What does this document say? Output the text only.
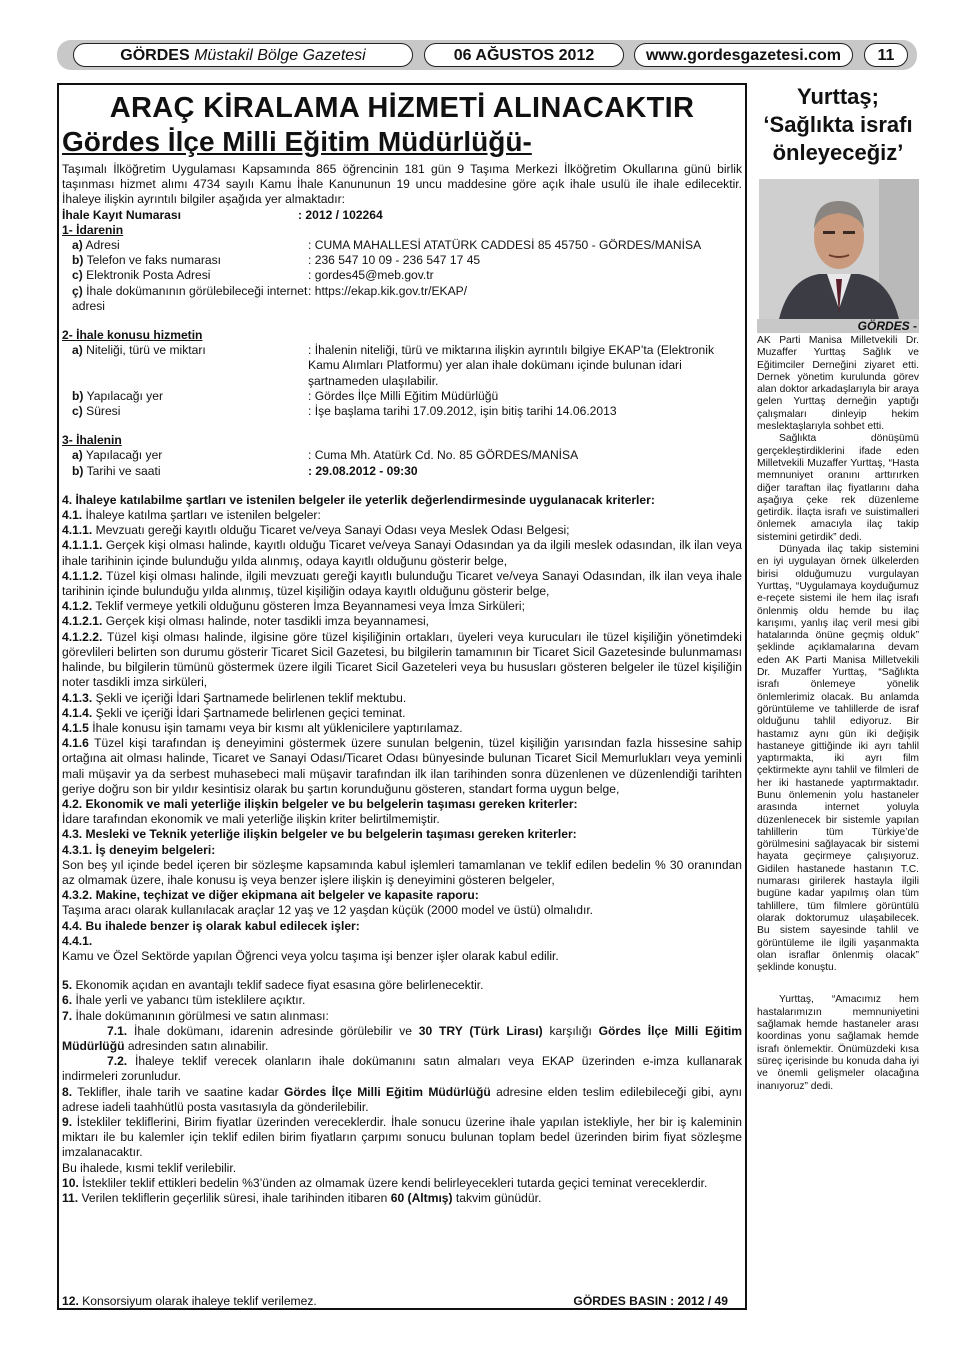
GÖRDES Müstakil Bölge Gazetesi	06 AĞUSTOS 2012	www.gordesgazetesi.com	11
ARAÇ KİRALAMA HİZMETİ ALINACAKTIR
Gördes İlçe Milli Eğitim Müdürlüğü-
Taşımalı İlköğretim Uygulaması Kapsamında 865 öğrencinin 181 gün 9 Taşıma Merkezi İlköğretim Okullarına günü birlik taşınması hizmet alımı 4734 sayılı Kamu İhale Kanununun 19 uncu maddesine göre açık ihale usulü ile ihale edilecektir. İhaleye ilişkin ayrıntılı bilgiler aşağıda yer almaktadır:
İhale Kayıt Numarası	: 2012 / 102264
1- İdarenin
a) Adresi	: CUMA MAHALLESİ ATATÜRK CADDESİ 85 45750 - GÖRDES/MANİSA
b) Telefon ve faks numarası	: 236 547 10 09 - 236 547 17 45
c) Elektronik Posta Adresi	: gordes45@meb.gov.tr
ç) İhale dokümanının görülebileceği internet adresi
: https://ekap.kik.gov.tr/EKAP/
2- İhale konusu hizmetin
a) Niteliği, türü ve miktarı	: İhalenin niteliği, türü ve miktarına ilişkin ayrıntılı bilgiye EKAP’ta (Elektronik Kamu Alımları Platformu) yer alan ihale dokümanı içinde bulunan idari şartnameden ulaşılabilir.
b) Yapılacağı yer	: Gördes İlçe Milli Eğitim Müdürlüğü
c) Süresi	: İşe başlama tarihi 17.09.2012, işin bitiş tarihi 14.06.2013
3- İhalenin
a) Yapılacağı yer	: Cuma Mh. Atatürk Cd. No. 85 GÖRDES/MANİSA
b) Tarihi ve saati	: 29.08.2012 - 09:30
4. İhaleye katılabilme şartları ve istenilen belgeler ile yeterlik değerlendirmesinde uygulanacak kriterler:
4.1. İhaleye katılma şartları ve istenilen belgeler:
4.1.1. Mevzuatı gereği kayıtlı olduğu Ticaret ve/veya Sanayi Odası veya Meslek Odası Belgesi;
4.1.1.1. Gerçek kişi olması halinde, kayıtlı olduğu Ticaret ve/veya Sanayi Odasından ya da ilgili meslek odasından, ilk ilan veya ihale tarihinin içinde bulunduğu yılda alınmış, odaya kayıtlı olduğunu gösterir belge,
4.1.1.2. Tüzel kişi olması halinde, ilgili mevzuatı gereği kayıtlı bulunduğu Ticaret ve/veya Sanayi Odasından, ilk ilan veya ihale tarihinin içinde bulunduğu yılda alınmış, tüzel kişiliğin odaya kayıtlı olduğunu gösterir belge,
4.1.2. Teklif vermeye yetkili olduğunu gösteren İmza Beyannamesi veya İmza Sirküleri;
4.1.2.1. Gerçek kişi olması halinde, noter tasdikli imza beyannamesi,
4.1.2.2. Tüzel kişi olması halinde, ilgisine göre tüzel kişiliğinin ortakları, üyeleri veya kurucuları ile tüzel kişiliğin yönetimdeki görevlileri belirten son durumu gösterir Ticaret Sicil Gazetesi, bu bilgilerin tamamının bir Ticaret Sicil Gazetesinde bulunmaması halinde, bu bilgilerin tümünü göstermek üzere ilgili Ticaret Sicil Gazeteleri veya bu hususları gösteren belgeler ile tüzel kişiliğin noter tasdikli imza sirküleri,
4.1.3. Şekli ve içeriği İdari Şartnamede belirlenen teklif mektubu.
4.1.4. Şekli ve içeriği İdari Şartnamede belirlenen geçici teminat.
4.1.5 İhale konusu işin tamamı veya bir kısmı alt yüklenicilere yaptırılamaz.
4.1.6 Tüzel kişi tarafından iş deneyimini göstermek üzere sunulan belgenin, tüzel kişiliğin yarısından fazla hissesine sahip ortağına ait olması halinde, Ticaret ve Sanayi Odası/Ticaret Odası bünyesinde bulunan Ticaret Sicil Memurlukları veya yeminli mali müşavir ya da serbest muhasebeci mali müşavir tarafından ilk ilan tarihinden sonra düzenlenen ve düzenlendiği tarihten geriye doğru son bir yıldır kesintisiz olarak bu şartın korunduğunu gösteren, standart forma uygun belge,
4.2. Ekonomik ve mali yeterliğe ilişkin belgeler ve bu belgelerin taşıması gereken kriterler:
İdare tarafından ekonomik ve mali yeterliğe ilişkin kriter belirtilmemiştir.
4.3. Mesleki ve Teknik yeterliğe ilişkin belgeler ve bu belgelerin taşıması gereken kriterler:
4.3.1. İş deneyim belgeleri:
Son beş yıl içinde bedel içeren bir sözleşme kapsamında kabul işlemleri tamamlanan ve teklif edilen bedelin % 30 oranından az olmamak üzere, ihale konusu iş veya benzer işlere ilişkin iş deneyimini gösteren belgeler,
4.3.2. Makine, teçhizat ve diğer ekipmana ait belgeler ve kapasite raporu:
Taşıma aracı olarak kullanılacak araçlar 12 yaş ve 12 yaşdan küçük (2000 model ve üstü) olmalıdır.
4.4. Bu ihalede benzer iş olarak kabul edilecek işler:
4.4.1.
Kamu ve Özel Sektörde yapılan Öğrenci veya yolcu taşıma işi benzer işler olarak kabul edilir.
5. Ekonomik açıdan en avantajlı teklif sadece fiyat esasına göre belirlenecektir.
6. İhale yerli ve yabancı tüm isteklilere açıktır.
7. İhale dokümanının görülmesi ve satın alınması:
7.1. İhale dokümanı, idarenin adresinde görülebilir ve 30 TRY (Türk Lirası) karşılığı Gördes İlçe Milli Eğitim Müdürlüğü adresinden satın alınabilir.
7.2. İhaleye teklif verecek olanların ihale dokümanını satın almaları veya EKAP üzerinden e-imza kullanarak indirmeleri zorunludur.
8. Teklifler, ihale tarih ve saatine kadar Gördes İlçe Milli Eğitim Müdürlüğü adresine elden teslim edilebileceği gibi, aynı adrese iadeli taahhütlü posta vasıtasıyla da gönderilebilir.
9. İstekliler tekliflerini, Birim fiyatlar üzerinden vereceklerdir. İhale sonucu üzerine ihale yapılan istekliyle, her bir iş kaleminin miktarı ile bu kalemler için teklif edilen birim fiyatların çarpımı sonucu bulunan toplam bedel üzerinden birim fiyat sözleşme imzalanacaktır.
Bu ihalede, kısmi teklif verilebilir.
10. İstekliler teklif ettikleri bedelin %3’ünden az olmamak üzere kendi belirleyecekleri tutarda geçici teminat vereceklerdir.
11. Verilen tekliflerin geçerlilik süresi, ihale tarihinden itibaren 60 (Altmış) takvim günüdür.
12. Konsorsiyum olarak ihaleye teklif verilemez.	GÖRDES BASIN : 2012 / 49
Yurttaş;
‘Sağlıkta israfı
önleyeceğiz’
GÖRDES -

AK Parti Manisa Milletvekili Dr. Muzaffer Yurttaş Sağlık ve Eğitimciler Derneğini ziyaret etti. Dernek yönetim kurulunda görev alan doktor arkadaşlarıyla bir araya gelen Yurttaş derneğin yaptığı çalışmaları dinleyip hekim meslektaşlarıyla sohbet etti.

Sağlıkta dönüşümü gerçekleştirdiklerini ifade eden Milletvekili Muzaffer Yurttaş, “Hasta memnuniyet oranını arttırırken diğer taraftan ilaç fiyatlarını daha aşağıya çeke rek düzenleme getirdik. İlaçta israfı ve suistimalleri önlemek amacıyla ilaç takip sistemini getirdik” dedi.

Dünyada ilaç takip sistemini en iyi uygulayan örnek ülkelerden birisi olduğumuzu vurgulayan Yurttaş, “Uygulamaya koyduğumuz e-reçete sistemi ile hem ilaç israfı önlenmiş oldu hemde bu ilaç karışımı, yanlış ilaç veril mesi gibi hatalarında önüne geçmiş olduk” şeklinde açıklamalarına devam eden AK Parti Manisa Milletvekili Dr. Muzaffer Yurttaş, “Sağlıkta israfı önlemeye yönelik önlemlerimiz olacak. Bu anlamda görüntüleme ve tahlillerde de israf olduğunu tahlil ediyoruz. Bir hastamız aynı gün iki değişik hastaneye gittiğinde iki ayrı tahlil yaptırmakta, iki ayrı film çektirmekte aynı tahlil ve filmleri de her iki hastanede yaptırmaktadır. Bunu önlemenin yolu hastaneler arasında internet yoluyla düzenlenecek bir sistemle yapılan tahlillerin tüm Türkiye’de görülmesini sağlayacak bir sistemi hayata geçirmeye çalışıyoruz. Gidilen hastanede hastanın T.C. numarası girilerek hastayla ilgili bugüne kadar yapılmış olan tüm tahlillere, tüm filmlere görüntülü olarak doktorumuz ulaşabilecek. Bu sistem sayesinde tahlil ve görüntüleme ile ilgili yaşanmakta olan israflar önlenmiş olacak” şeklinde konuştu.

Yurttaş, “Amacımız hem hastalarımızın memnuniyetini sağlamak hemde hastaneler arası koordinas yonu sağlamak hemde israfı önlemektir. Önümüzdeki kısa süreç içerisinde bu konuda daha iyi ve önemli gelişmeler olacağına inanıyoruz” dedi.
